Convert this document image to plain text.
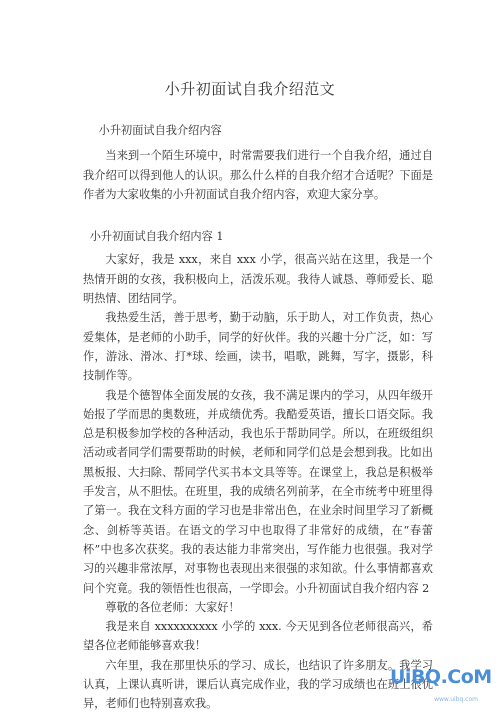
小升初面试自我介绍范文

小升初面试自我介绍内容

当来到一个陌生环境中，时常需要我们进行一个自我介绍，通过自我介绍可以得到他人的认识。那么什么样的自我介绍才合适呢？下面是作者为大家收集的小升初面试自我介绍内容，欢迎大家分享。

小升初面试自我介绍内容 1

大家好，我是 xxx，来自 xxx 小学，很高兴站在这里，我是一个热情开朗的女孩，我积极向上，活泼乐观。我待人诚恳、尊师爱长、聪明热情、团结同学。

我热爱生活，善于思考，勤于动脑，乐于助人，对工作负责，热心爱集体，是老师的小助手，同学的好伙伴。我的兴趣十分广泛，如：写作，游泳、滑冰、打*球、绘画，读书，唱歌，跳舞，写字，摄影，科技制作等。

我是个德智体全面发展的女孩，我不满足课内的学习，从四年级开始报了学而思的奥数班，并成绩优秀。我酷爱英语，擅长口语交际。我总是积极参加学校的各种活动，我也乐于帮助同学。所以，在班级组织活动或者同学们需要帮助的时候，老师和同学们总是会想到我。比如出黑板报、大扫除、帮同学代买书本文具等等。在课堂上，我总是积极举手发言，从不胆怯。在班里，我的成绩名列前茅，在全市统考中班里得了第一。我在文科方面的学习也是非常出色，在业余时间里学习了新概念、剑桥等英语。在语文的学习中也取得了非常好的成绩，在“春蕾杯”中也多次获奖。我的表达能力非常突出，写作能力也很强。我对学习的兴趣非常浓厚，对事物也表现出来很强的求知欲。什么事情都喜欢问个究竟。我的领悟性也很高，一学即会。小升初面试自我介绍内容 2

尊敬的各位老师：大家好！

我是来自 xxxxxxxxxx 小学的 xxx. 今天见到各位老师很高兴，希望各位老师能够喜欢我！

六年里，我在那里快乐的学习、成长，也结识了许多朋友。我学习认真，上课认真听讲，课后认真完成作业，我的学习成绩也在班上很优异，老师们也特别喜欢我。

UiBQ.CoM
www.uibq.com
